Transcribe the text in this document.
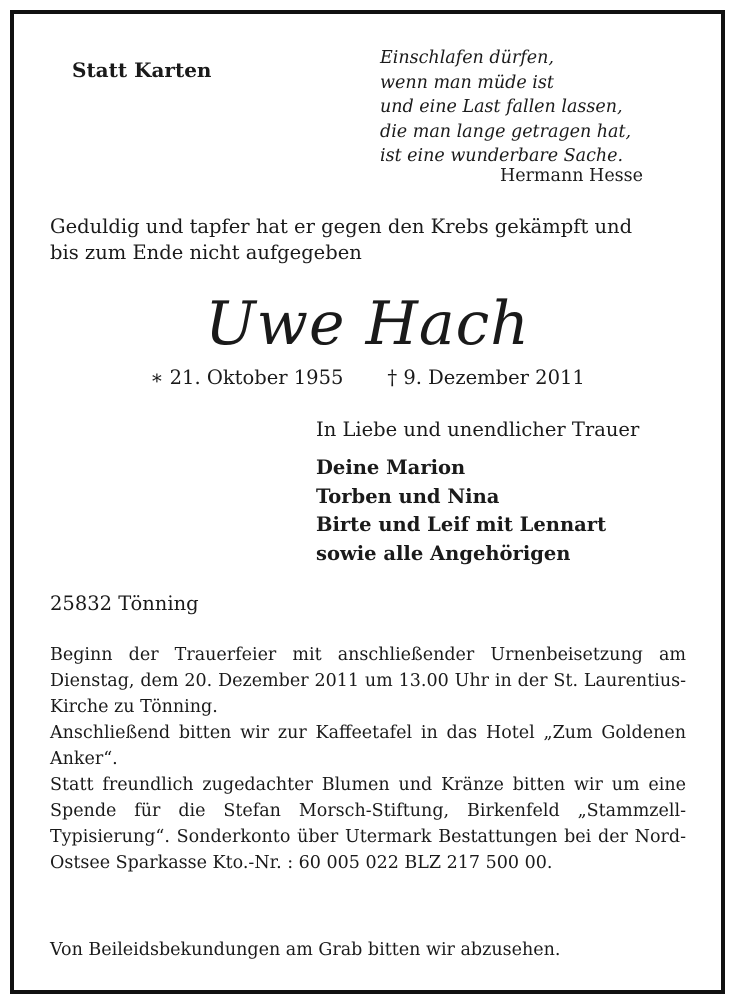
Statt Karten	Einschlafen dürfen,
wenn man müde ist
und eine Last fallen lassen,
die man lange getragen hat,
ist eine wunderbare Sache.
Hermann Hesse
Geduldig und tapfer hat er gegen den Krebs gekämpft und
bis zum Ende nicht aufgegeben
Uwe Hach
∗ 21. Oktober 1955 † 9. Dezember 2011
In Liebe und unendlicher Trauer
Deine Marion
Torben und Nina
Birte und Leif mit Lennart
sowie alle Angehörigen
25832 Tönning
Beginn der Trauerfeier mit anschließender Urnenbeisetzung am Dienstag, dem 20. Dezember 2011 um 13.00 Uhr in der St. Laurentius-Kirche zu Tönning.
Anschließend bitten wir zur Kaffeetafel in das Hotel „Zum Goldenen Anker“.
Statt freundlich zugedachter Blumen und Kränze bitten wir um eine Spende für die Stefan Morsch-Stiftung, Birkenfeld „Stammzell-Typisierung“. Sonderkonto über Utermark Bestattungen bei der Nord-Ostsee Sparkasse Kto.-Nr. : 60 005 022 BLZ 217 500 00.
Von Beileidsbekundungen am Grab bitten wir abzusehen.
